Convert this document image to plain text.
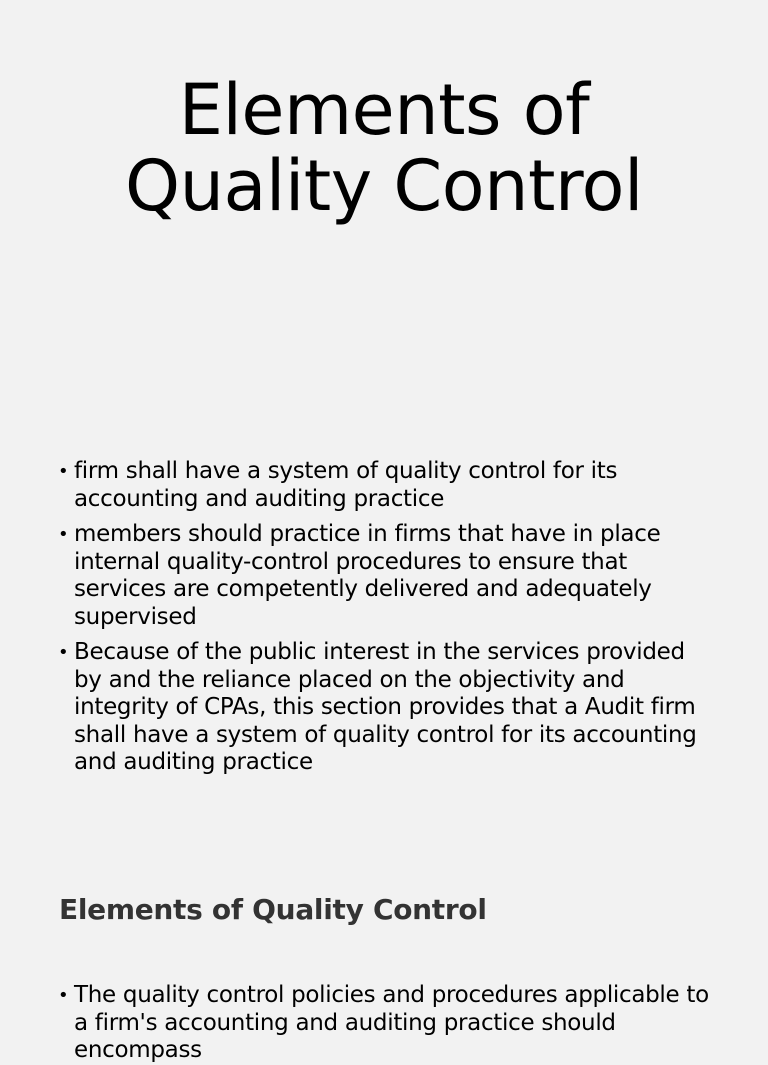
Elements of
Quality Control
• firm shall have a system of quality control for its accounting and auditing practice
• members should practice in firms that have in place internal quality-control procedures to ensure that services are competently delivered and adequately supervised
• Because of the public interest in the services provided by and the reliance placed on the objectivity and integrity of CPAs, this section provides that a Audit firm shall have a system of quality control for its accounting and auditing practice
Elements of Quality Control
• The quality control policies and procedures applicable to a firm's accounting and auditing practice should encompass
